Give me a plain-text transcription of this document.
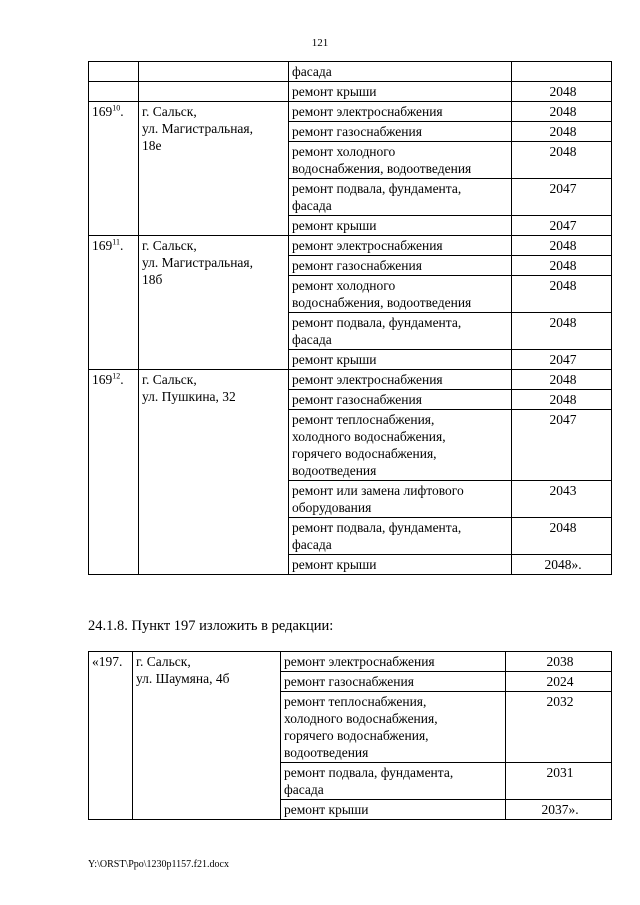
121
		фасада	
		ремонт крыши	2048
$169^{10}$.	г. Сальск,
ул. Магистральная,
18е	ремонт электроснабжения	2048
		ремонт газоснабжения	2048
		ремонт холодного
водоснабжения, водоотведения	2048
		ремонт подвала, фундамента,
фасада	2047
		ремонт крыши	2047
$169^{11}$.	г. Сальск,
ул. Магистральная,
18б	ремонт электроснабжения	2048
		ремонт газоснабжения	2048
		ремонт холодного
водоснабжения, водоотведения	2048
		ремонт подвала, фундамента,
фасада	2048
		ремонт крыши	2047
$169^{12}$.	г. Сальск,
ул. Пушкина, 32	ремонт электроснабжения	2048
		ремонт газоснабжения	2048
		ремонт теплоснабжения,
холодного водоснабжения,
горячего водоснабжения,
водоотведения	2047
		ремонт или замена лифтового
оборудования	2043
		ремонт подвала, фундамента,
фасада	2048
		ремонт крыши	2048».
24.1.8. Пункт 197 изложить в редакции:
«197.	г. Сальск,
ул. Шаумяна, 4б	ремонт электроснабжения	2038
		ремонт газоснабжения	2024
		ремонт теплоснабжения,
холодного водоснабжения,
горячего водоснабжения,
водоотведения	2032
		ремонт подвала, фундамента,
фасада	2031
		ремонт крыши	2037».
Y:\ORST\Ppo\1230p1157.f21.docx
